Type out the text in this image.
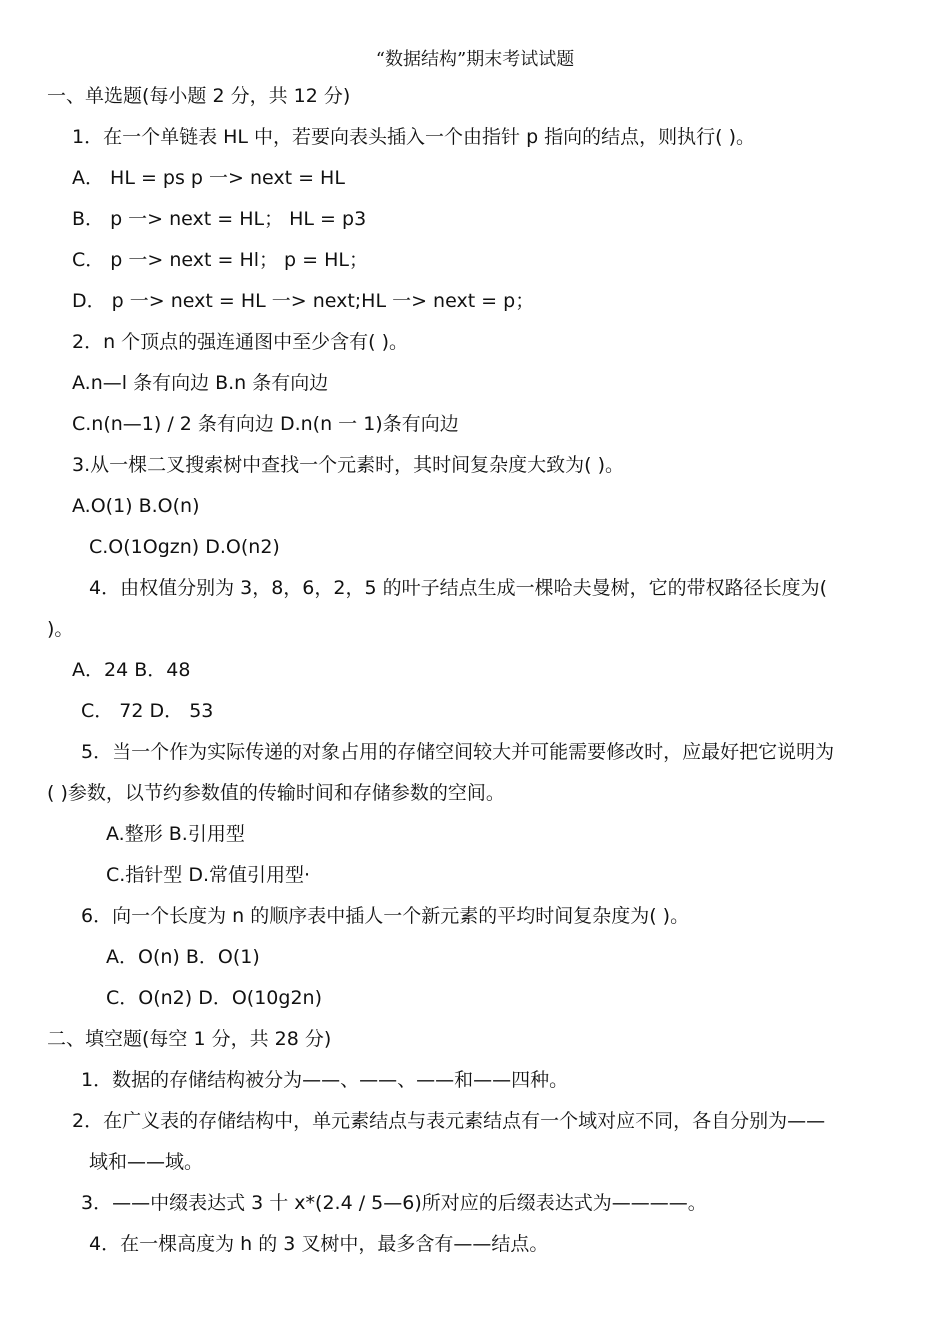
“数据结构”期末考试试题
一、单选题(每小题 2 分，共 12 分)
1．在一个单链表 HL 中，若要向表头插入一个由指针 p 指向的结点，则执行( )。
A． HL = ps p 一> next = HL
B． p 一> next = HL； HL = p3
C． p 一> next = Hl； p = HL；
D． p 一> next = HL 一> next;HL 一> next = p；
2．n 个顶点的强连通图中至少含有( )。
A.n—l 条有向边 B.n 条有向边
C.n(n—1) / 2 条有向边 D.n(n 一 1)条有向边
3.从一棵二叉搜索树中查找一个元素时，其时间复杂度大致为( )。
A.O(1) B.O(n)
C.O(1Ogzn) D.O(n2)
4．由权值分别为 3，8，6，2，5 的叶子结点生成一棵哈夫曼树，它的带权路径长度为(
)。
A．24 B．48
C． 72 D． 53
5．当一个作为实际传递的对象占用的存储空间较大并可能需要修改时，应最好把它说明为
( )参数，以节约参数值的传输时间和存储参数的空间。
A.整形 B.引用型
C.指针型 D.常值引用型·
6．向一个长度为 n 的顺序表中插人一个新元素的平均时间复杂度为( )。
A．O(n) B．O(1)
C．O(n2) D．O(10g2n)
二、填空题(每空 1 分，共 28 分)
1．数据的存储结构被分为——、——、——和——四种。
2．在广义表的存储结构中，单元素结点与表元素结点有一个域对应不同，各自分别为——
域和——域。
3．——中缀表达式 3 十 x*(2.4 / 5—6)所对应的后缀表达式为————。
4．在一棵高度为 h 的 3 叉树中，最多含有——结点。
